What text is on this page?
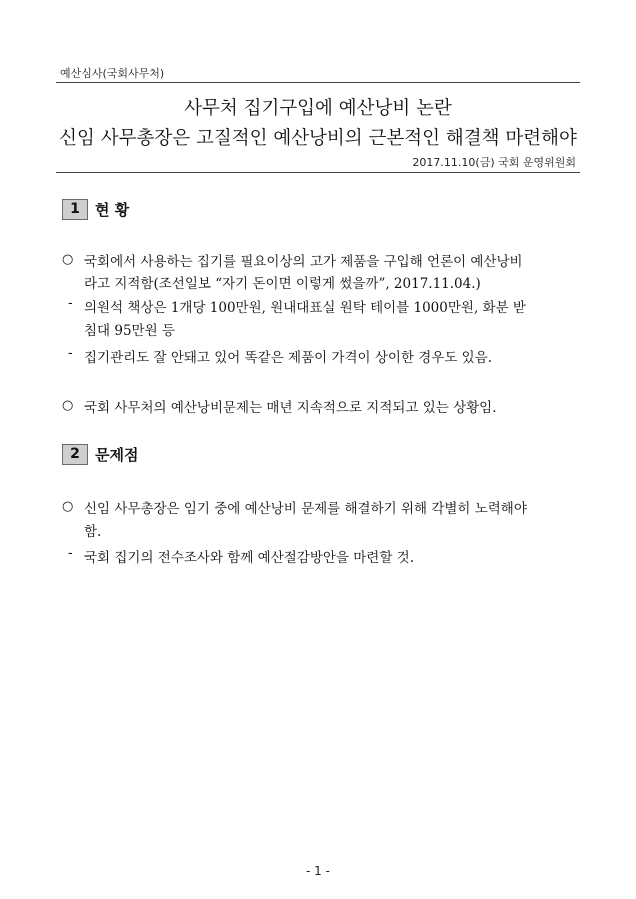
예산심사(국회사무처)
사무처 집기구입에 예산낭비 논란
신임 사무총장은 고질적인 예산낭비의 근본적인 해결책 마련해야
2017.11.10(금) 국회 운영위원회
1	현 황
○ 국회에서 사용하는 집기를 필요이상의 고가 제품을 구입해 언론이 예산낭비
라고 지적함(조선일보 “자기 돈이면 이렇게 썼을까”, 2017.11.04.)
- 의원석 책상은 1개당 100만원, 원내대표실 원탁 테이블 1000만원, 화분 받
침대 95만원 등
- 집기관리도 잘 안돼고 있어 똑같은 제품이 가격이 상이한 경우도 있음.
○ 국회 사무처의 예산낭비문제는 매년 지속적으로 지적되고 있는 상황임.
2	문제점
○ 신임 사무총장은 임기 중에 예산낭비 문제를 해결하기 위해 각별히 노력해야
함.
- 국회 집기의 전수조사와 함께 예산절감방안을 마련할 것.
- 1 -
